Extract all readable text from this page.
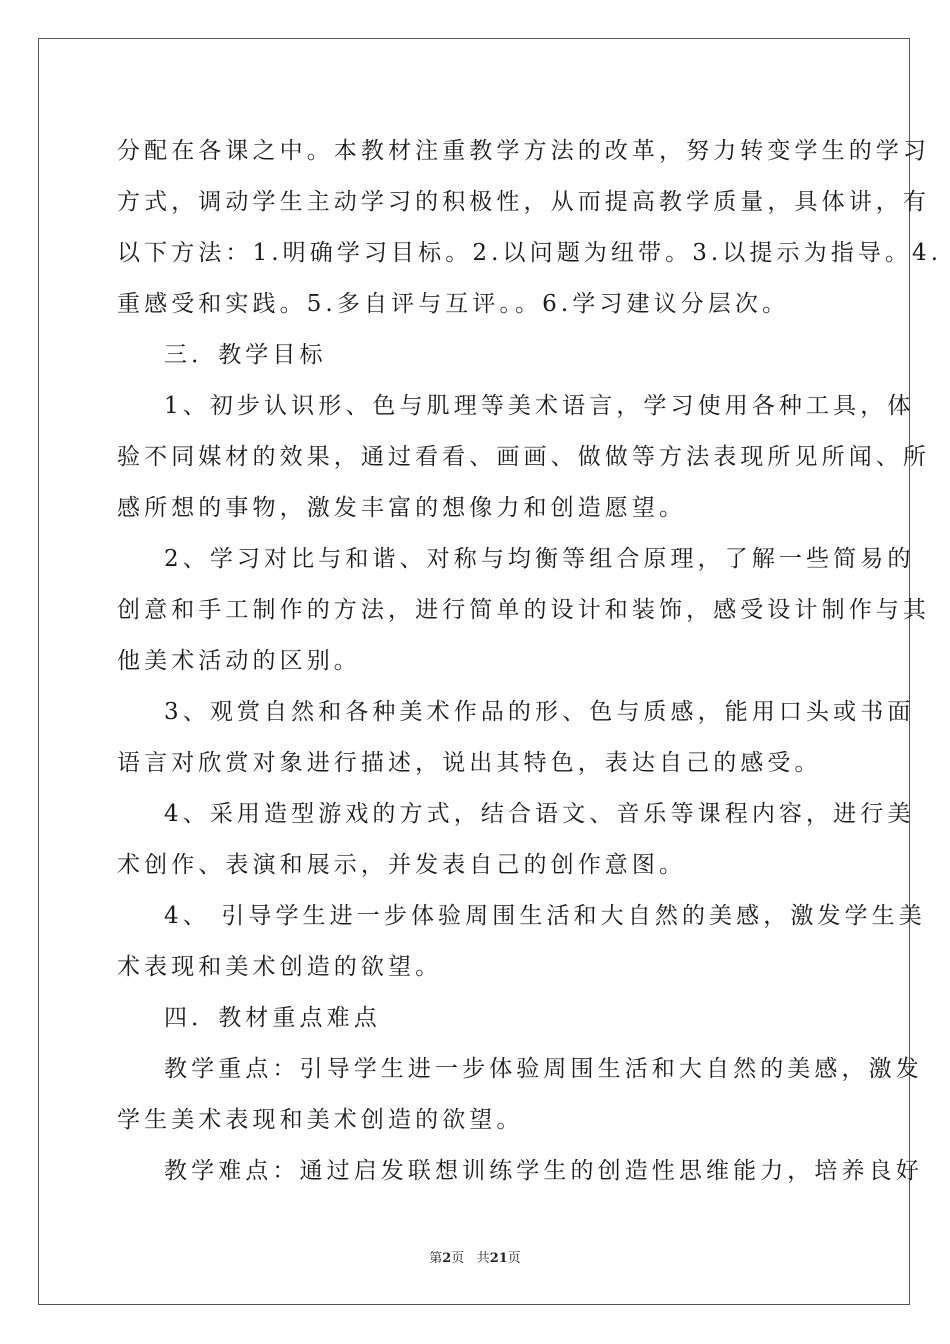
分配在各课之中。本教材注重教学方法的改革，努力转变学生的学习
方式，调动学生主动学习的积极性，从而提高教学质量，具体讲，有
以下方法：1.明确学习目标。2.以问题为纽带。3.以提示为指导。4.
重感受和实践。5.多自评与互评。。6.学习建议分层次。
三．教学目标
1、初步认识形、色与肌理等美术语言，学习使用各种工具，体
验不同媒材的效果，通过看看、画画、做做等方法表现所见所闻、所
感所想的事物，激发丰富的想像力和创造愿望。
2、学习对比与和谐、对称与均衡等组合原理，了解一些简易的
创意和手工制作的方法，进行简单的设计和装饰，感受设计制作与其
他美术活动的区别。
3、观赏自然和各种美术作品的形、色与质感，能用口头或书面
语言对欣赏对象进行描述，说出其特色，表达自己的感受。
4、采用造型游戏的方式，结合语文、音乐等课程内容，进行美
术创作、表演和展示，并发表自己的创作意图。
4、 引导学生进一步体验周围生活和大自然的美感，激发学生美
术表现和美术创造的欲望。
四．教材重点难点
教学重点：引导学生进一步体验周围生活和大自然的美感，激发
学生美术表现和美术创造的欲望。
教学难点：通过启发联想训练学生的创造性思维能力，培养良好
第2页 共21页
